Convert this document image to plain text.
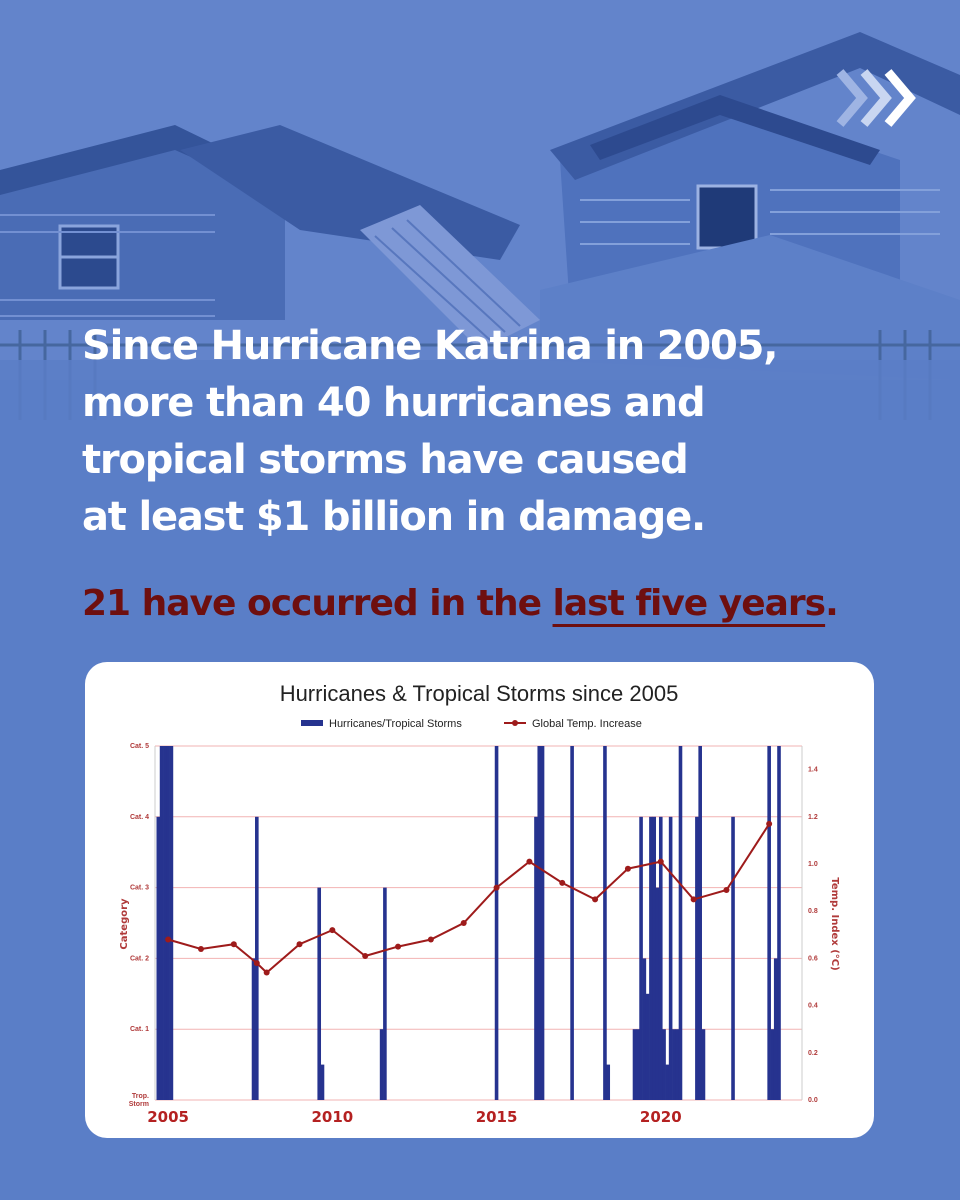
Since Hurricane Katrina in 2005,
more than 40 hurricanes and
tropical storms have caused
at least $1 billion in damage.

21 have occurred in the last five years.

Trop. Storm
Cat. 1
Cat. 2
Cat. 3
Cat. 4
Cat. 5
0.0
0.2
0.4
0.6
0.8
1.0
1.2
1.4
2005	2010	2015	2020
Hurricanes & Tropical Storms since 2005
Hurricanes/Tropical Storms	Global Temp. Increase
Category	Temp. Index (°C)
